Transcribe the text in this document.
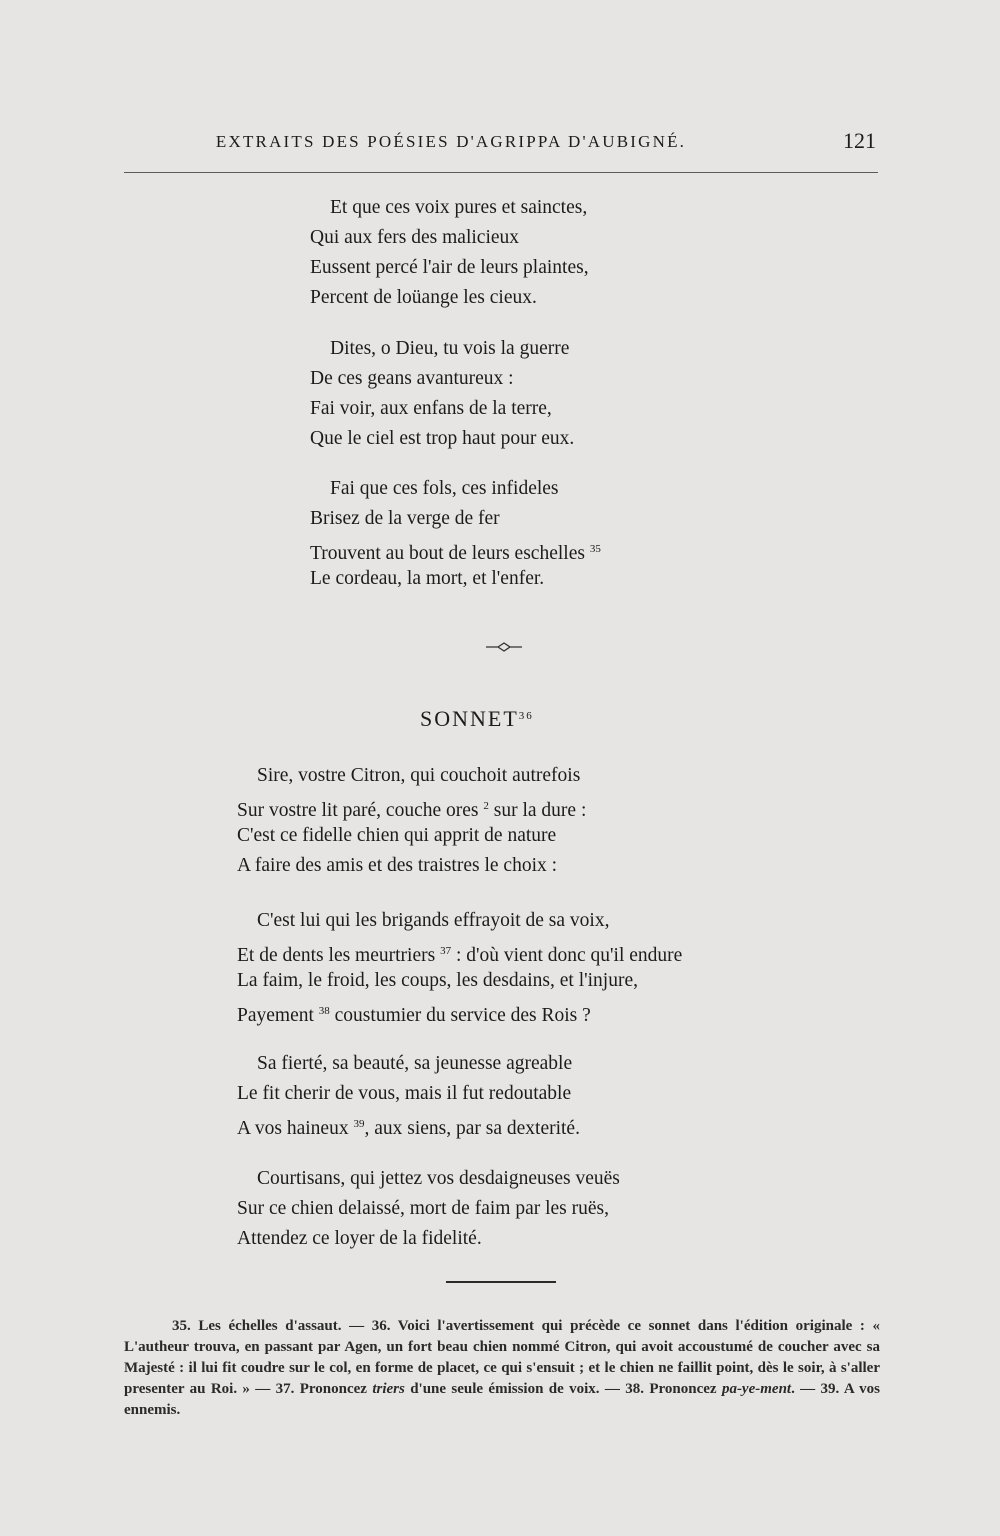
EXTRAITS DES POÉSIES D'AGRIPPA D'AUBIGNÉ.	121
Et que ces voix pures et sainctes,
Qui aux fers des malicieux
Eussent percé l'air de leurs plaintes,
Percent de loüange les cieux.
Dites, o Dieu, tu vois la guerre
De ces geans avantureux :
Fai voir, aux enfans de la terre,
Que le ciel est trop haut pour eux.
Fai que ces fols, ces infideles
Brisez de la verge de fer
Trouvent au bout de leurs eschelles $^{35}$
Le cordeau, la mort, et l'enfer.
SONNET$^{36}$
Sire, vostre Citron, qui couchoit autrefois
Sur vostre lit paré, couche ores $^2$ sur la dure :
C'est ce fidelle chien qui apprit de nature
A faire des amis et des traistres le choix :
C'est lui qui les brigands effrayoit de sa voix,
Et de dents les meurtriers $^{37}$ : d'où vient donc qu'il endure
La faim, le froid, les coups, les desdains, et l'injure,
Payement $^{38}$ coustumier du service des Rois ?
Sa fierté, sa beauté, sa jeunesse agreable
Le fit cherir de vous, mais il fut redoutable
A vos haineux $^{39}$, aux siens, par sa dexterité.
Courtisans, qui jettez vos desdaigneuses veuës
Sur ce chien delaissé, mort de faim par les ruës,
Attendez ce loyer de la fidelité.
35. Les échelles d'assaut. — 36. Voici l'avertissement qui précède ce sonnet dans l'édition originale : « L'autheur trouva, en passant par Agen, un fort beau chien nommé Citron, qui avoit accoustumé de coucher avec sa Majesté : il lui fit coudre sur le col, en forme de placet, ce qui s'ensuit ; et le chien ne faillit point, dès le soir, à s'aller presenter au Roi. » — 37. Prononcez triers d'une seule émission de voix. — 38. Prononcez pa-ye-ment. — 39. A vos ennemis.
